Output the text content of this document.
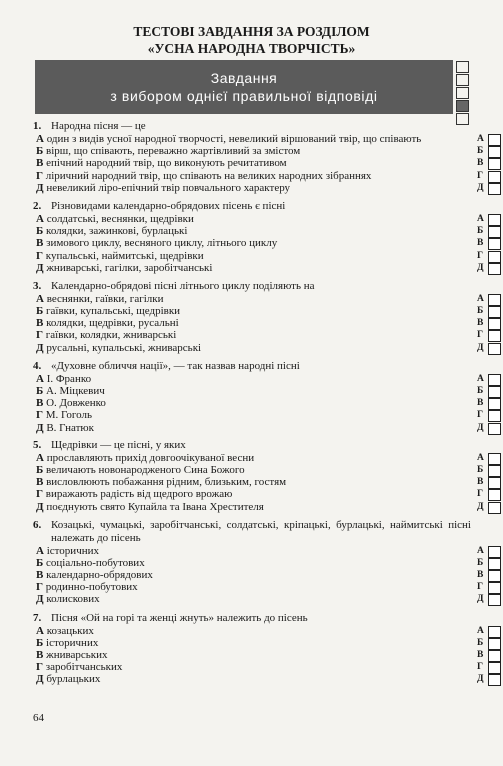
ТЕСТОВІ ЗАВДАННЯ ЗА РОЗДІЛОМ
«УСНА НАРОДНА ТВОРЧІСТЬ»
Завдання
з вибором однієї правильної відповіді
1. Народна пісня — це
А один з видів усної народної творчості, невеликий віршований твір, що співають	А
Б вірш, що співають, переважно жартівливий за змістом	Б
В епічний народний твір, що виконують речитативом	В
Г ліричний народний твір, що співають на великих народних зібраннях	Г
Д невеликий ліро-епічний твір повчального характеру	Д
2. Різновидами календарно-обрядових пісень є пісні
А солдатські, веснянки, щедрівки	А
Б колядки, зажинкові, бурлацькі	Б
В зимового циклу, весняного циклу, літнього циклу	В
Г купальські, наймитські, щедрівки	Г
Д жниварські, гагілки, заробітчанські	Д
3. Календарно-обрядові пісні літнього циклу поділяють на
А веснянки, гаївки, гагілки	А
Б гаївки, купальські, щедрівки	Б
В колядки, щедрівки, русальні	В
Г гаївки, колядки, жниварські	Г
Д русальні, купальські, жниварські	Д
4. «Духовне обличчя нації», — так назвав народні пісні
А І. Франко	А
Б А. Міцкевич	Б
В О. Довженко	В
Г М. Гоголь	Г
Д В. Гнатюк	Д
5. Щедрівки — це пісні, у яких
А прославляють прихід довгоочікуваної весни	А
Б величають новонародженого Сина Божого	Б
В висловлюють побажання рідним, близьким, гостям	В
Г виражають радість від щедрого врожаю	Г
Д поєднують свято Купайла та Івана Хрестителя	Д
6. Козацькі, чумацькі, заробітчанські, солдатські, кріпацькі, бурлацькі, наймитські пісні належать до пісень
А історичних	А
Б соціально-побутових	Б
В календарно-обрядових	В
Г родинно-побутових	Г
Д колискових	Д
7. Пісня «Ой на горі та женці жнуть» належить до пісень
А козацьких	А
Б історичних	Б
В жниварських	В
Г заробітчанських	Г
Д бурлацьких	Д
64
